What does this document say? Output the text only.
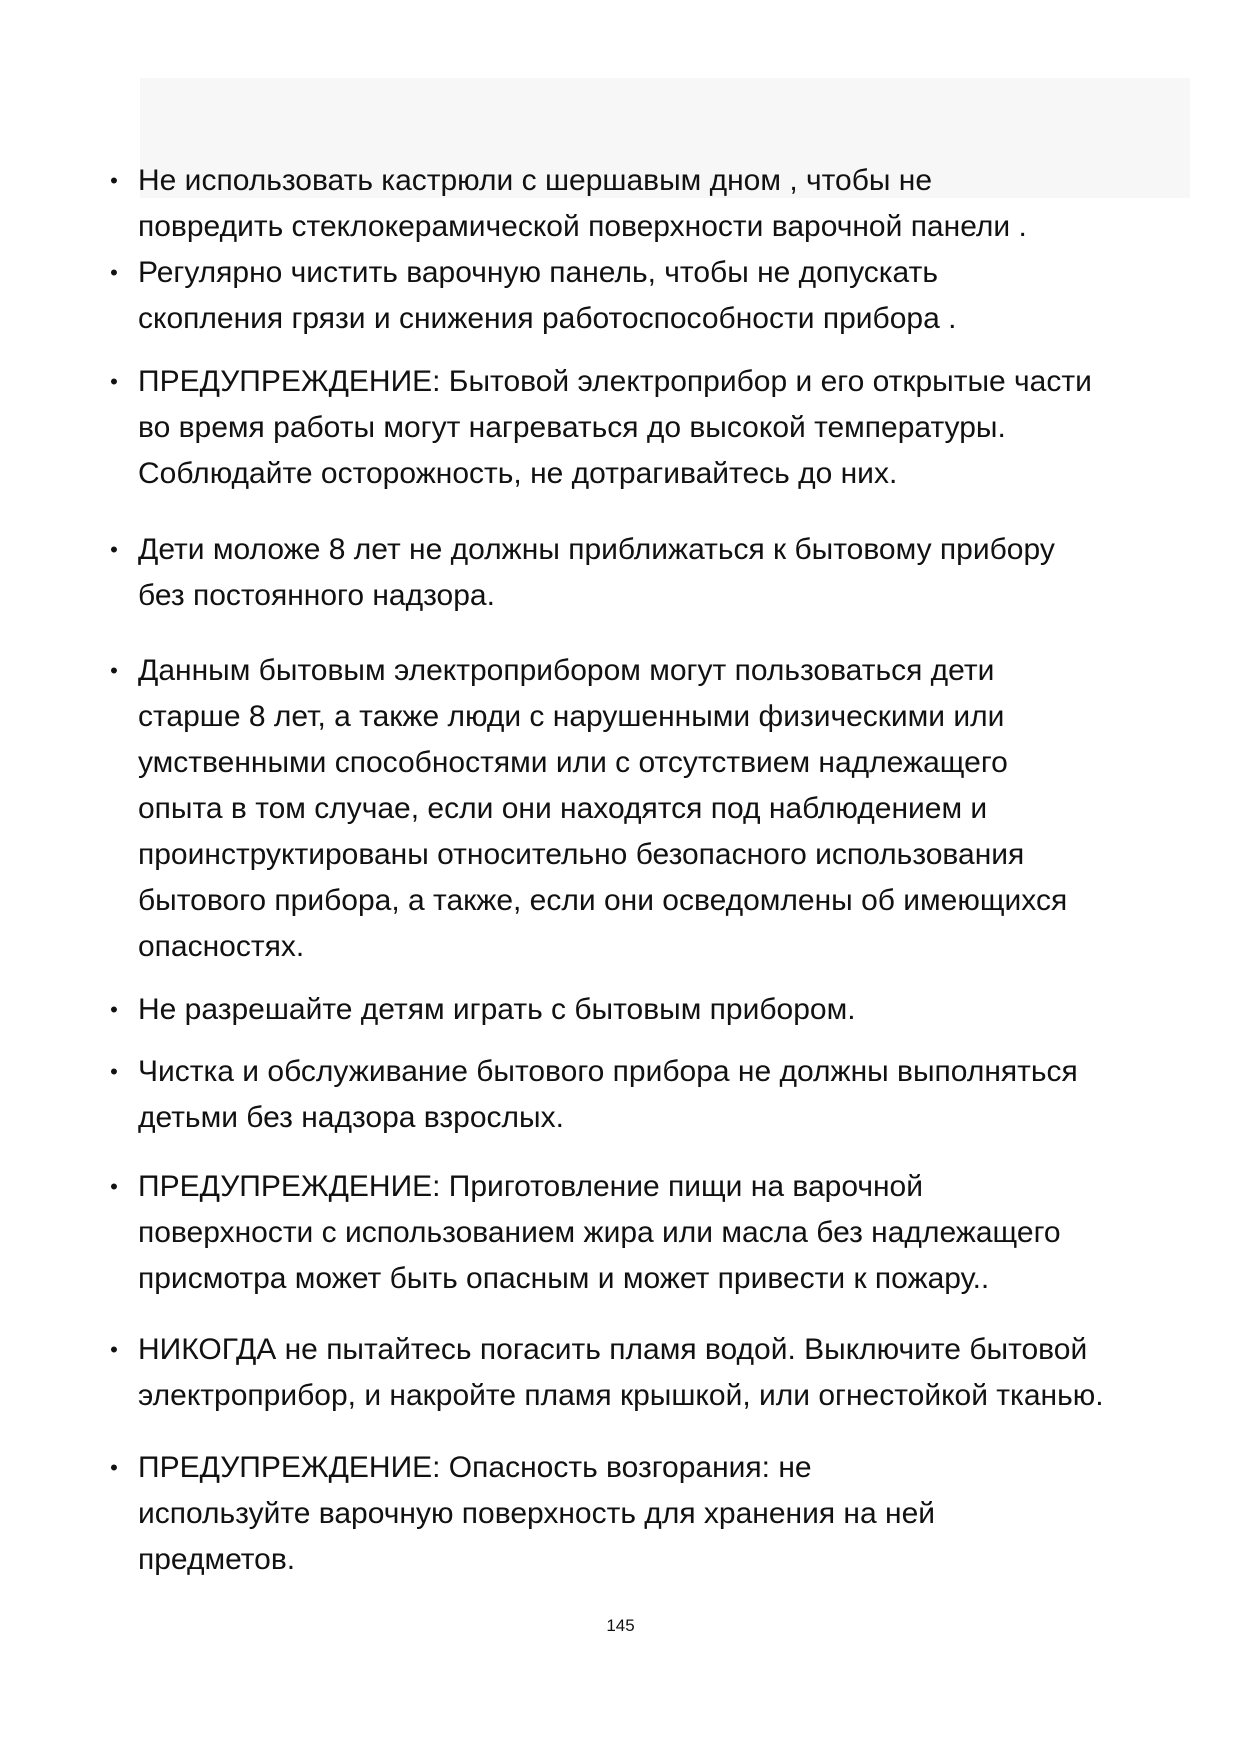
• Не использовать кастрюли с шершавым дном , чтобы не
повредить стеклокерамической поверхности варочной панели .
• Регулярно чистить варочную панель, чтобы не допускать
скопления грязи и снижения работоспособности прибора .
• ПРЕДУПРЕЖДЕНИЕ: Бытовой электроприбор и его открытые части
во время работы могут нагреваться до высокой температуры.
Соблюдайте осторожность, не дотрагивайтесь до них.
• Дети моложе 8 лет не должны приближаться к бытовому прибору
без постоянного надзора.
• Данным бытовым электроприбором могут пользоваться дети
старше 8 лет, а также люди с нарушенными физическими или
умственными способностями или с отсутствием надлежащего
опыта в том случае, если они находятся под наблюдением и
проинструктированы относительно безопасного использования
бытового прибора, а также, если они осведомлены об имеющихся
опасностях.
• Не разрешайте детям играть с бытовым прибором.
• Чистка и обслуживание бытового прибора не должны выполняться
детьми без надзора взрослых.
• ПРЕДУПРЕЖДЕНИЕ: Приготовление пищи на варочной
поверхности с использованием жира или масла без надлежащего
присмотра может быть опасным и может привести к пожару..
• НИКОГДА не пытайтесь погасить пламя водой. Выключите бытовой
электроприбор, и накройте пламя крышкой, или огнестойкой тканью.
• ПРЕДУПРЕЖДЕНИЕ: Опасность возгорания: не
используйте варочную поверхность для хранения на ней
предметов.
145
